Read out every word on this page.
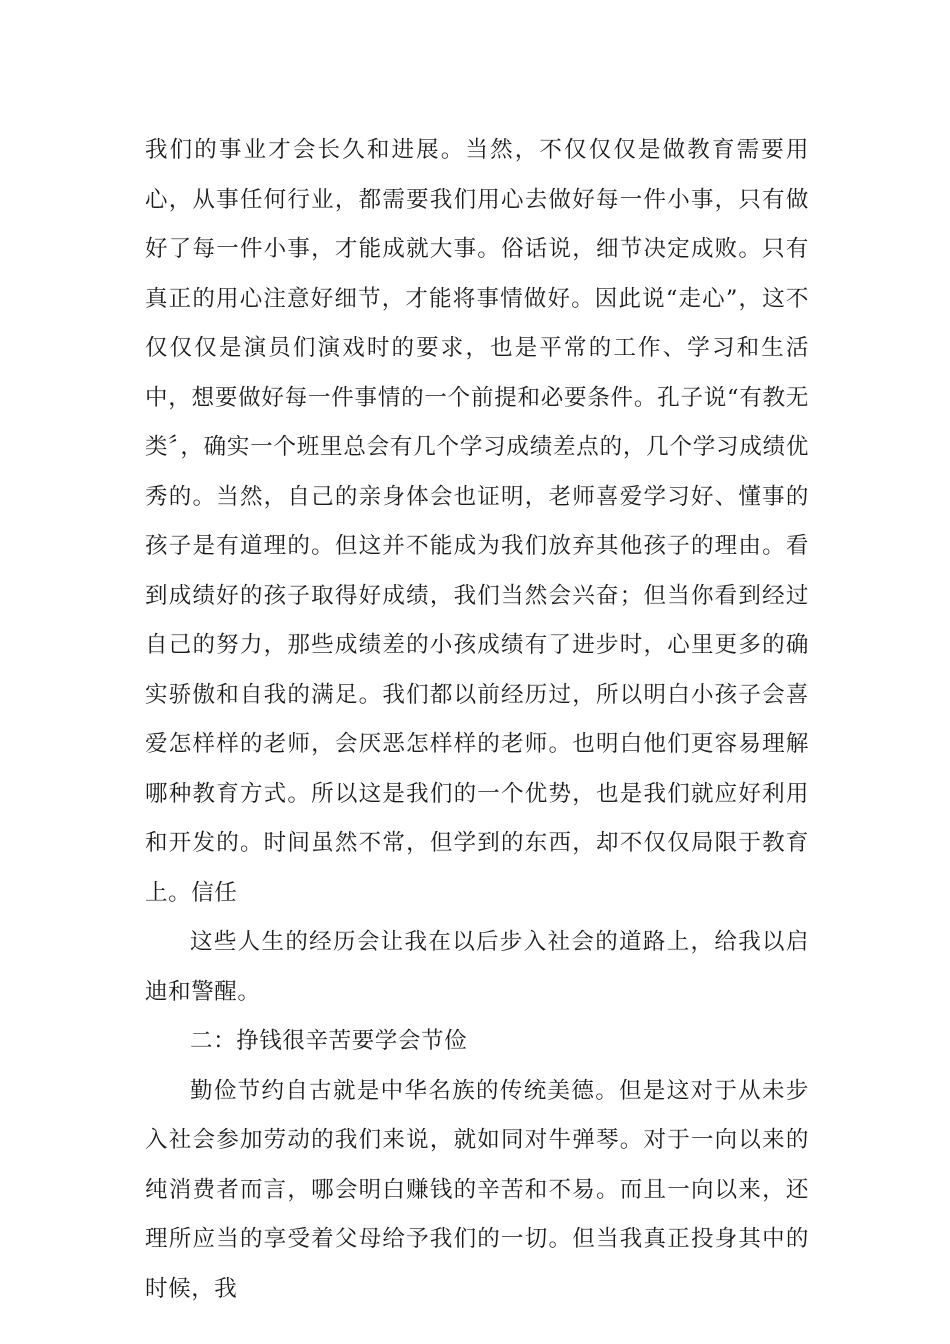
我们的事业才会长久和进展。当然，不仅仅仅是做教育需要用心，从事任何行业，都需要我们用心去做好每一件小事，只有做好了每一件小事，才能成就大事。俗话说，细节决定成败。只有真正的用心注意好细节，才能将事情做好。因此说“走心”，这不仅仅仅是演员们演戏时的要求，也是平常的工作、学习和生活中，想要做好每一件事情的一个前提和必要条件。孔子说“有教无类〞，确实一个班里总会有几个学习成绩差点的，几个学习成绩优秀的。当然，自己的亲身体会也证明，老师喜爱学习好、懂事的孩子是有道理的。但这并不能成为我们放弃其他孩子的理由。看到成绩好的孩子取得好成绩，我们当然会兴奋；但当你看到经过自己的努力，那些成绩差的小孩成绩有了进步时，心里更多的确实骄傲和自我的满足。我们都以前经历过，所以明白小孩子会喜爱怎样样的老师，会厌恶怎样样的老师。也明白他们更容易理解哪种教育方式。所以这是我们的一个优势，也是我们就应好利用和开发的。时间虽然不常，但学到的东西，却不仅仅局限于教育上。信任

这些人生的经历会让我在以后步入社会的道路上，给我以启迪和警醒。

二：挣钱很辛苦要学会节俭

勤俭节约自古就是中华名族的传统美德。但是这对于从未步入社会参加劳动的我们来说，就如同对牛弹琴。对于一向以来的纯消费者而言，哪会明白赚钱的辛苦和不易。而且一向以来，还理所应当的享受着父母给予我们的一切。但当我真正投身其中的时候，我
